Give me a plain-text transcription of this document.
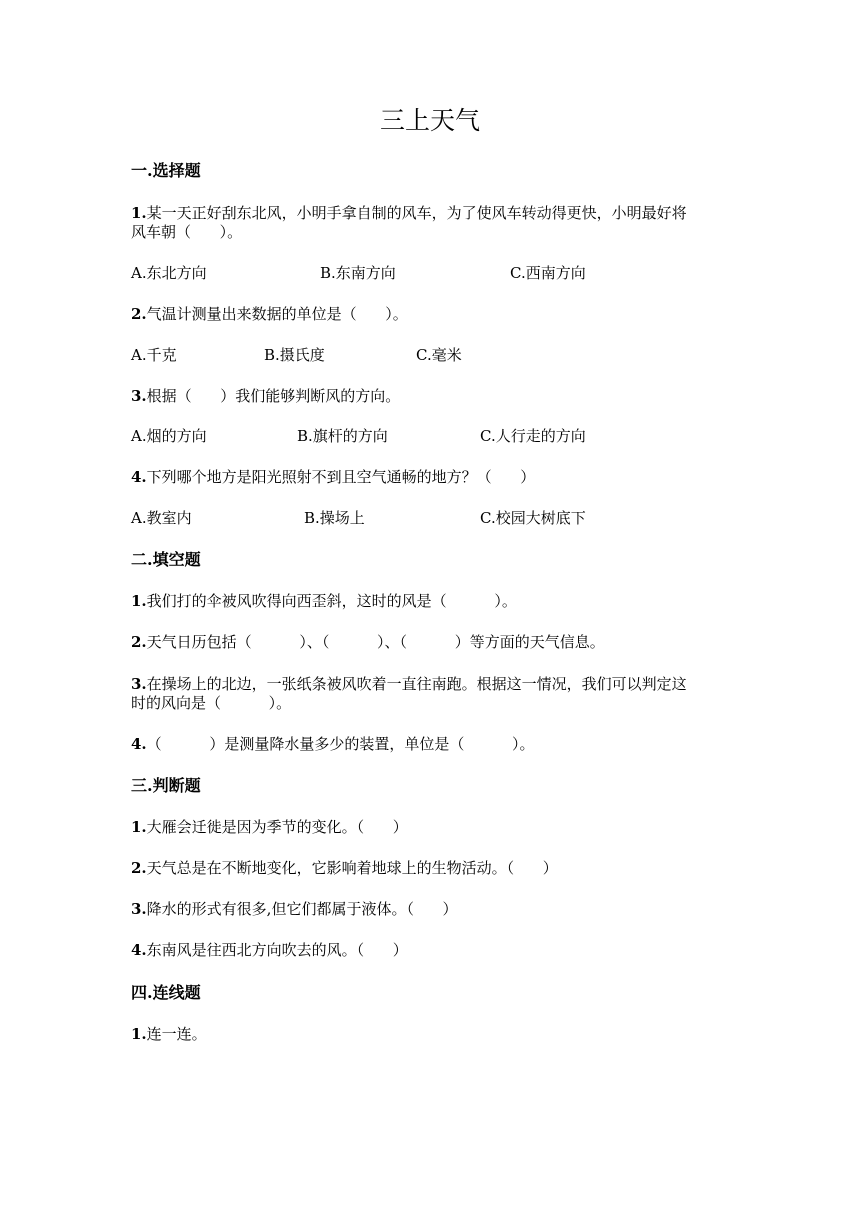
三上天气
一.选择题
1.某一天正好刮东北风，小明手拿自制的风车，为了使风车转动得更快，小明最好将
风车朝（      ）。
A.东北方向	B.东南方向	C.西南方向
2.气温计测量出来数据的单位是（      ）。
A.千克	B.摄氏度	C.毫米
3.根据（      ）我们能够判断风的方向。
A.烟的方向	B.旗杆的方向	C.人行走的方向
4.下列哪个地方是阳光照射不到且空气通畅的地方？（      ）
A.教室内	B.操场上	C.校园大树底下
二.填空题
1.我们打的伞被风吹得向西歪斜，这时的风是（          ）。
2.天气日历包括（          ）、（          ）、（          ）等方面的天气信息。
3.在操场上的北边，一张纸条被风吹着一直往南跑。根据这一情况，我们可以判定这
时的风向是（          ）。
4.（          ）是测量降水量多少的装置，单位是（          ）。
三.判断题
1.大雁会迁徙是因为季节的变化。（      ）
2.天气总是在不断地变化，它影响着地球上的生物活动。（      ）
3.降水的形式有很多,但它们都属于液体。（      ）
4.东南风是往西北方向吹去的风。（      ）
四.连线题
1.连一连。
